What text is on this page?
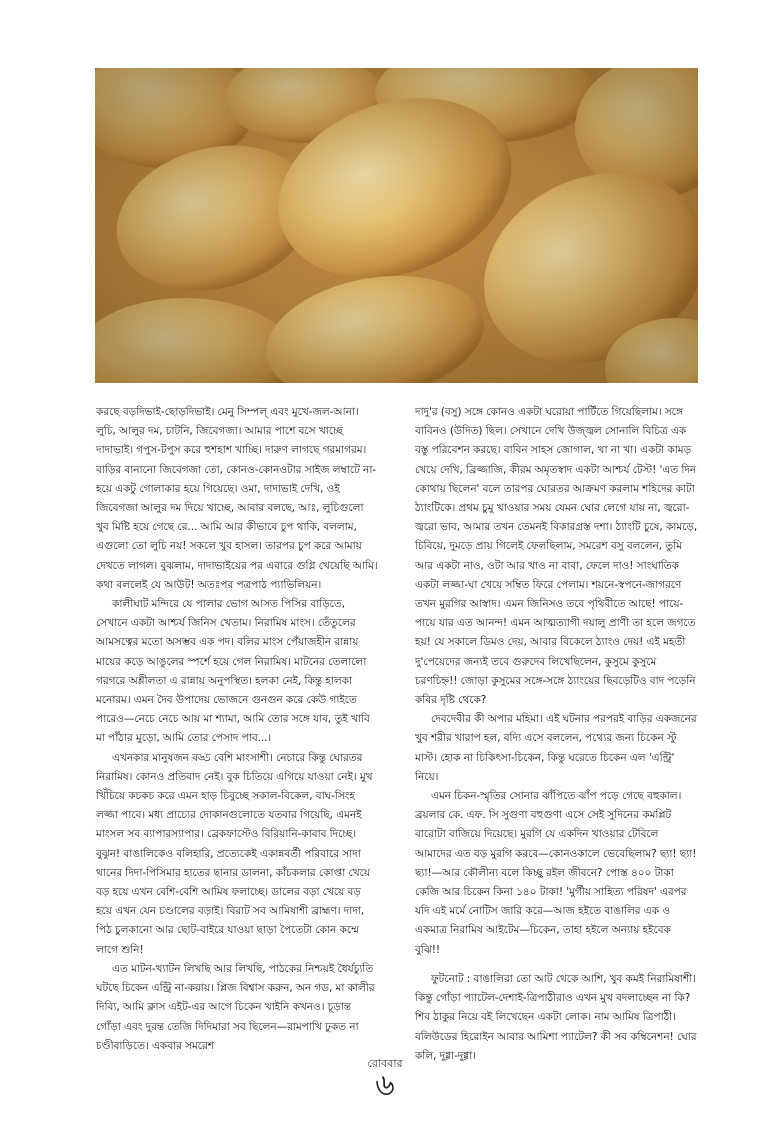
করছে বড়দিভাই-ছোড়দিভাই। মেনু সিম্পল্ এবং মুখে-জল-আনা। লুচি, আলুর দম, চাটনি, জিবেগজা। আমার পাশে বসে খাচ্ছে দাদাভাই। গপুস-টপুস করে হুশহাশ খাচ্ছি। দারুণ লাগছে গরমাগরম। বাড়ির বানানো জিবেগজা তো, কোনও-কোনওটার সাইজ লম্বাটে না-হয়ে একটু গোলাকার হয়ে গিয়েছে। ওমা, দাদাভাই দেখি, ওই জিবেগজা আলুর দম দিয়ে খাচ্ছে, আবার বলছে, আঃ, লুচিগুলো খুব মিষ্টি হয়ে গেছে রে... আমি আর কীভাবে চুপ থাকি, বললাম, এগুলো তো লুচি নয়! সকলে খুব হাসল। তারপর চুপ করে আমায় দেখতে লাগল। বুঝলাম, দাদাভাইয়ের পর এবারে গুগ্লি খেয়েছি আমি। কথা বললেই যে আউট! অতঃপর পত্রপাঠ প্যাভিলিয়ন।

কালীঘাট মন্দিরে যে পালার ভোগ আসত পিসির বাড়িতে, সেখানে একটা আশ্চর্য জিনিস খেতাম। নিরামিষ মাংস। তেঁতুলের আমসত্বের মতো অসম্ভব এক পদ। বলির মাংস পেঁয়াজহীন রান্নায় মায়ের কড়ে আঙুলের স্পর্শে হয়ে গেল নিরামিষ। মাটনের তেলালো গরগরে অশ্লীলতা এ রান্নায় অনুপস্থিত। হলকা নেই, কিন্তু হালকা মনোরম। এমন দৈব উপাদেয় ভোজনে গুনগুন করে কেউ গাইতে পারেও—নেচে নেচে আয় মা শ্যামা, আমি তোর সঙ্গে যাব, তুই খাবি মা পাঁঠার মুড়ো, আমি তোর পেসাদ পাব...।

এখনকার মানুষজন বড্ড বেশি মাংসাশী। নেচারে কিন্তু ঘোরতর নিরামিষ। কোনও প্রতিবাদ নেই। বুক চিতিয়ে এগিয়ে যাওয়া নেই। মুখ খিঁচিয়ে কচকচ করে এমন হাড় চিবুচ্ছে সকাল-বিকেল, বাঘ-সিংহ লজ্জা পাবে। মধ্য প্রাচ্যের দোকানগুলোতে যতবার গিয়েছি, এমনই মাংসল সব ব্যাপারস্যাপার। ব্রেকফাস্টেও বিরিয়ানি-কাবাব দিচ্ছে। বুঝুন! বাঙালিকেও বলিহারি, প্রত্যেকেই একান্নবর্তী পরিবারে সাদা থানের দিদা-পিসিমার হাতের ছানার ডালনা, কাঁচকলার কোপ্তা খেয়ে বড় হয়ে এখন বেশি-বেশি আমিষ ফলাচ্ছে। ডালের বড়া খেয়ে বড় হয়ে এখন যেন চণ্ডালের বড়াই। বিরাট সব আমিষাশী ব্রাহ্মণ। দাদা, পিঠ চুলকানো আর ছোট-বাইরে যাওয়া ছাড়া পৈতেটা কোন কম্মে লাগে শুনি!

এত মাটন-খ্যাটন লিখছি আর লিখছি, পাঠকের নিশ্চয়ই ধৈর্যচ্যুতি ঘটছে চিকেন এন্ট্রি না-করায়। প্লিজ বিশ্বাস করুন, অন গড, মা কালীর দিব্যি, আমি ক্লাস এইট-এর আগে চিকেন খাইনি কখনও। চূড়ান্ত গোঁড়া এবং দুরন্ত তেজি দিদিমারা সব ছিলেন—রামপাখি ঢুকত না চণ্ডীবাড়িতে। একবার সমরেশ

দাদু'র (বসু) সঙ্গে কোনও একটা ঘরোয়া পার্টিতে গিয়েছিলাম। সঙ্গে বাবিনও (উদিত) ছিল। সেখানে দেখি উজ্জ্বল সোনালি বিচিত্র এক বস্তু পরিবেশন করছে। বাবিন সাহস জোগাল, খা না খা। একটা কামড় খেয়ে দেখি, ব্রিজ্জাজি, কীরম অমৃতস্বাদ একটা আশ্চর্য টেস্ট! 'এত দিন কোথায় ছিলেন' বলে তারপর ঘোরতর আক্রমণ করলাম শহিদের কাটা ঠ্যাংটিকে। প্রথম চুমু খাওয়ার সময় যেমন ঘোর লেগে যায় না, জ্বরো-জ্বরো ভাব, আমার তখন তেমনই বিকারগ্রস্ত দশা। ঠ্যাংটি চুষে, কামড়ে, চিবিয়ে, দুমড়ে প্রায় গিলেই ফেলছিলাম, সমরেশ বসু বললেন, তুমি আর একটা নাও, ওটা আর খাও না বাবা, ফেলে দাও! সাংঘাতিক একটা লজ্জা-ঘা খেয়ে সম্বিত ফিরে পেলাম। শয়নে-স্বপনে-জাগরণে তখন মুরগির আস্বাদ। এমন জিনিসও তবে পৃথিবীতে আছে! পায়ে-পায়ে যার এত আনন্দ! এমন আত্মত্যাগী দয়ালু প্রাণী তা হলে জগতে হয়! যে সকালে ডিমও দেয়, আবার বিকেলে ঠ্যাংও দেয়! এই মহতী দু'পেয়েদের জন্যই তবে গুরুদেব লিখেছিলেন, কুসুমে কুসুমে চরণচিহ্ন!! জোড়া কুসুমের সঙ্গে-সঙ্গে ঠ্যাংয়ের ছিবড়েটিও বাদ পড়েনি কবির দৃষ্টি থেকে?

দেবদেবীর কী অপার মহিমা। এই ঘটনার পরপরই বাড়ির একজনের খুব শরীর খারাপ হল, বদ্যি এসে বললেন, পথ্যের জন্য চিকেন স্টু মাস্ট। হোক না চিকিৎসা-চিকেন, কিন্তু ঘরেতে চিকেন এল 'এন্ট্রি' নিয়ে।

এমন চিকন-স্মৃতির সোনার ঝাঁপিতে ঝাঁপ পড়ে গেছে বহুকাল। ব্রয়লার কে. এফ. সি সুগুণা বহুগুণা এসে সেই সুদিনের কমপ্লিট বারোটা বাজিয়ে দিয়েছে। মুরগি যে একদিন খাওয়ার টেবিলে আমাদের এত বড় মুরগি করবে—কোনওকালে ভেবেছিলাম? ছ্যা! ছ্যা! ছ্যা!—আর কৌলীন্য বলে কিচ্ছু রইল জীবনে? পোস্ত ৪০০ টাকা কেজি আর চিকেন কিনা ১৪০ টাকা! 'মুর্গীয় সাহিত্য পরিষদ' এরপর যদি এই মর্মে নোটিস জারি করে—আজ হইতে বাঙালির এক ও একমাত্র নিরামিষ আইটেম—চিকেন, তাহা হইলে অন্যায় হইবেক বুঝি!!

ফুটনোট : বাঙালিরা তো আট থেকে আশি, খুব কমই নিরামিষাশী। কিন্তু গোঁড়া প্যাটেল-দেশাই-ত্রিপাঠীরাও এখন মুখ বদলাচ্ছেন না কি? শিব ঠাকুর নিয়ে বই লিখেছেন একটা লোক। নাম আমিষ ত্রিপাঠী। বলিউডের হিরোইন আবার আমিশা প্যাটেল? কী সব কম্বিনেশন! ঘোর কলি, দুগ্গা-দুগ্গা।

রোববার
৬
